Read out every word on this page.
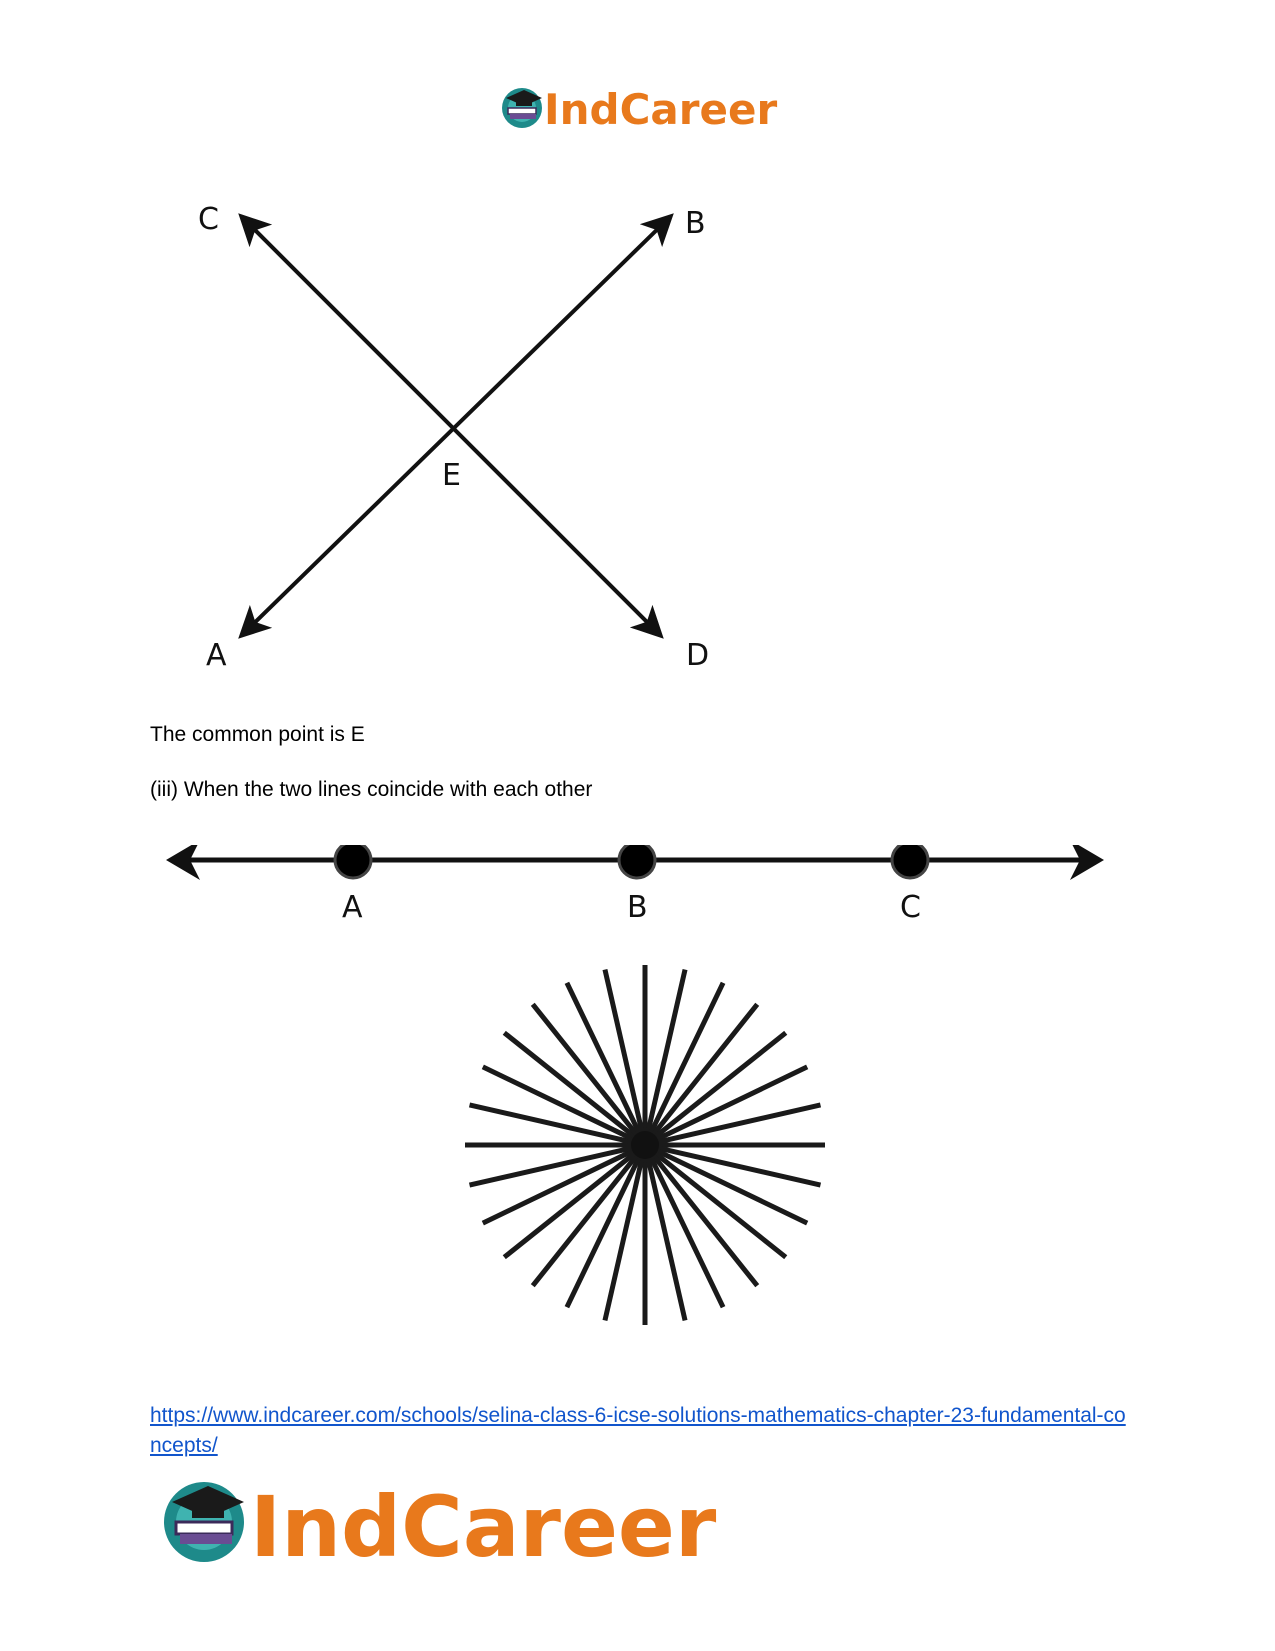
IndCareer
C	B
E
A	D

The common point is E

(iii) When the two lines coincide with each other

A	B	C

https://www.indcareer.com/schools/selina-class-6-icse-solutions-mathematics-chapter-23-fundamental-concepts/

IndCareer
